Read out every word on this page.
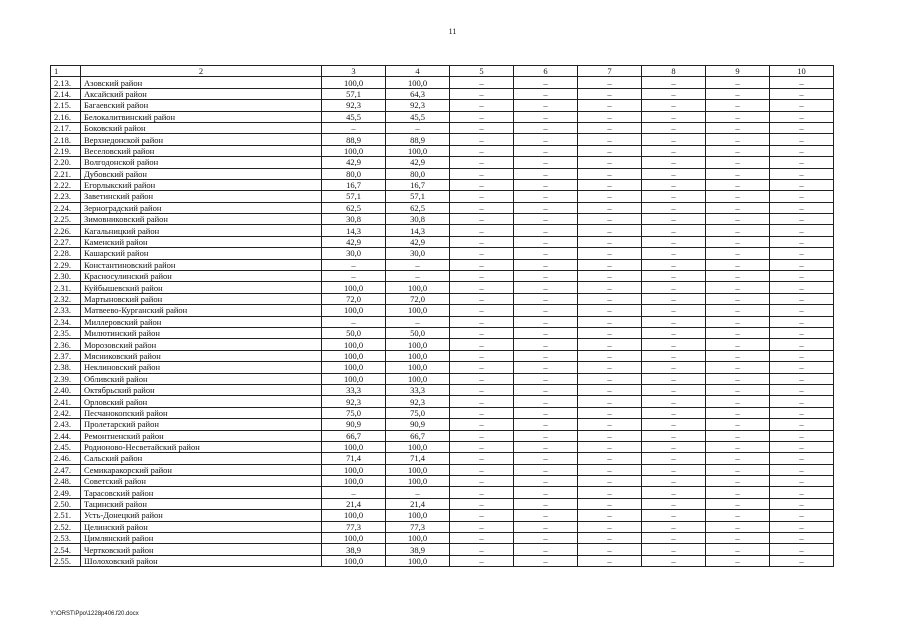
11
1	2	3	4	5	6	7	8	9	10
2.13.	Азовский район	100,0	100,0	–	–	–	–	–	–
2.14.	Аксайский район	57,1	64,3	–	–	–	–	–	–
2.15.	Багаевский район	92,3	92,3	–	–	–	–	–	–
2.16.	Белокалитвинский район	45,5	45,5	–	–	–	–	–	–
2.17.	Боковский район	–	–	–	–	–	–	–	–
2.18.	Верхнедонской район	88,9	88,9	–	–	–	–	–	–
2.19.	Веселовский район	100,0	100,0	–	–	–	–	–	–
2.20.	Волгодонской район	42,9	42,9	–	–	–	–	–	–
2.21.	Дубовский район	80,0	80,0	–	–	–	–	–	–
2.22.	Егорлыкский район	16,7	16,7	–	–	–	–	–	–
2.23.	Заветинский район	57,1	57,1	–	–	–	–	–	–
2.24.	Зерноградский район	62,5	62,5	–	–	–	–	–	–
2.25.	Зимовниковский район	30,8	30,8	–	–	–	–	–	–
2.26.	Кагальницкий район	14,3	14,3	–	–	–	–	–	–
2.27.	Каменский район	42,9	42,9	–	–	–	–	–	–
2.28.	Кашарский район	30,0	30,0	–	–	–	–	–	–
2.29.	Константиновский район	–	–	–	–	–	–	–	–
2.30.	Красносулинский район	–	–	–	–	–	–	–	–
2.31.	Куйбышевский район	100,0	100,0	–	–	–	–	–	–
2.32.	Мартыновский район	72,0	72,0	–	–	–	–	–	–
2.33.	Матвеево-Курганский район	100,0	100,0	–	–	–	–	–	–
2.34.	Миллеровский район	–	–	–	–	–	–	–	–
2.35.	Милютинский район	50,0	50,0	–	–	–	–	–	–
2.36.	Морозовский район	100,0	100,0	–	–	–	–	–	–
2.37.	Мясниковский район	100,0	100,0	–	–	–	–	–	–
2.38.	Неклиновский район	100,0	100,0	–	–	–	–	–	–
2.39.	Обливский район	100,0	100,0	–	–	–	–	–	–
2.40.	Октябрьский район	33,3	33,3	–	–	–	–	–	–
2.41.	Орловский район	92,3	92,3	–	–	–	–	–	–
2.42.	Песчанокопский район	75,0	75,0	–	–	–	–	–	–
2.43.	Пролетарский район	90,9	90,9	–	–	–	–	–	–
2.44.	Ремонтненский район	66,7	66,7	–	–	–	–	–	–
2.45.	Родионово-Несветайский район	100,0	100,0	–	–	–	–	–	–
2.46.	Сальский район	71,4	71,4	–	–	–	–	–	–
2.47.	Семикаракорский район	100,0	100,0	–	–	–	–	–	–
2.48.	Советский район	100,0	100,0	–	–	–	–	–	–
2.49.	Тарасовский район	–	–	–	–	–	–	–	–
2.50.	Тацинский район	21,4	21,4	–	–	–	–	–	–
2.51.	Усть-Донецкий район	100,0	100,0	–	–	–	–	–	–
2.52.	Целинский район	77,3	77,3	–	–	–	–	–	–
2.53.	Цимлянский район	100,0	100,0	–	–	–	–	–	–
2.54.	Чертковский район	38,9	38,9	–	–	–	–	–	–
2.55.	Шолоховский район	100,0	100,0	–	–	–	–	–	–
Y:\ORST\Ppo\1228p406.f20.docx
